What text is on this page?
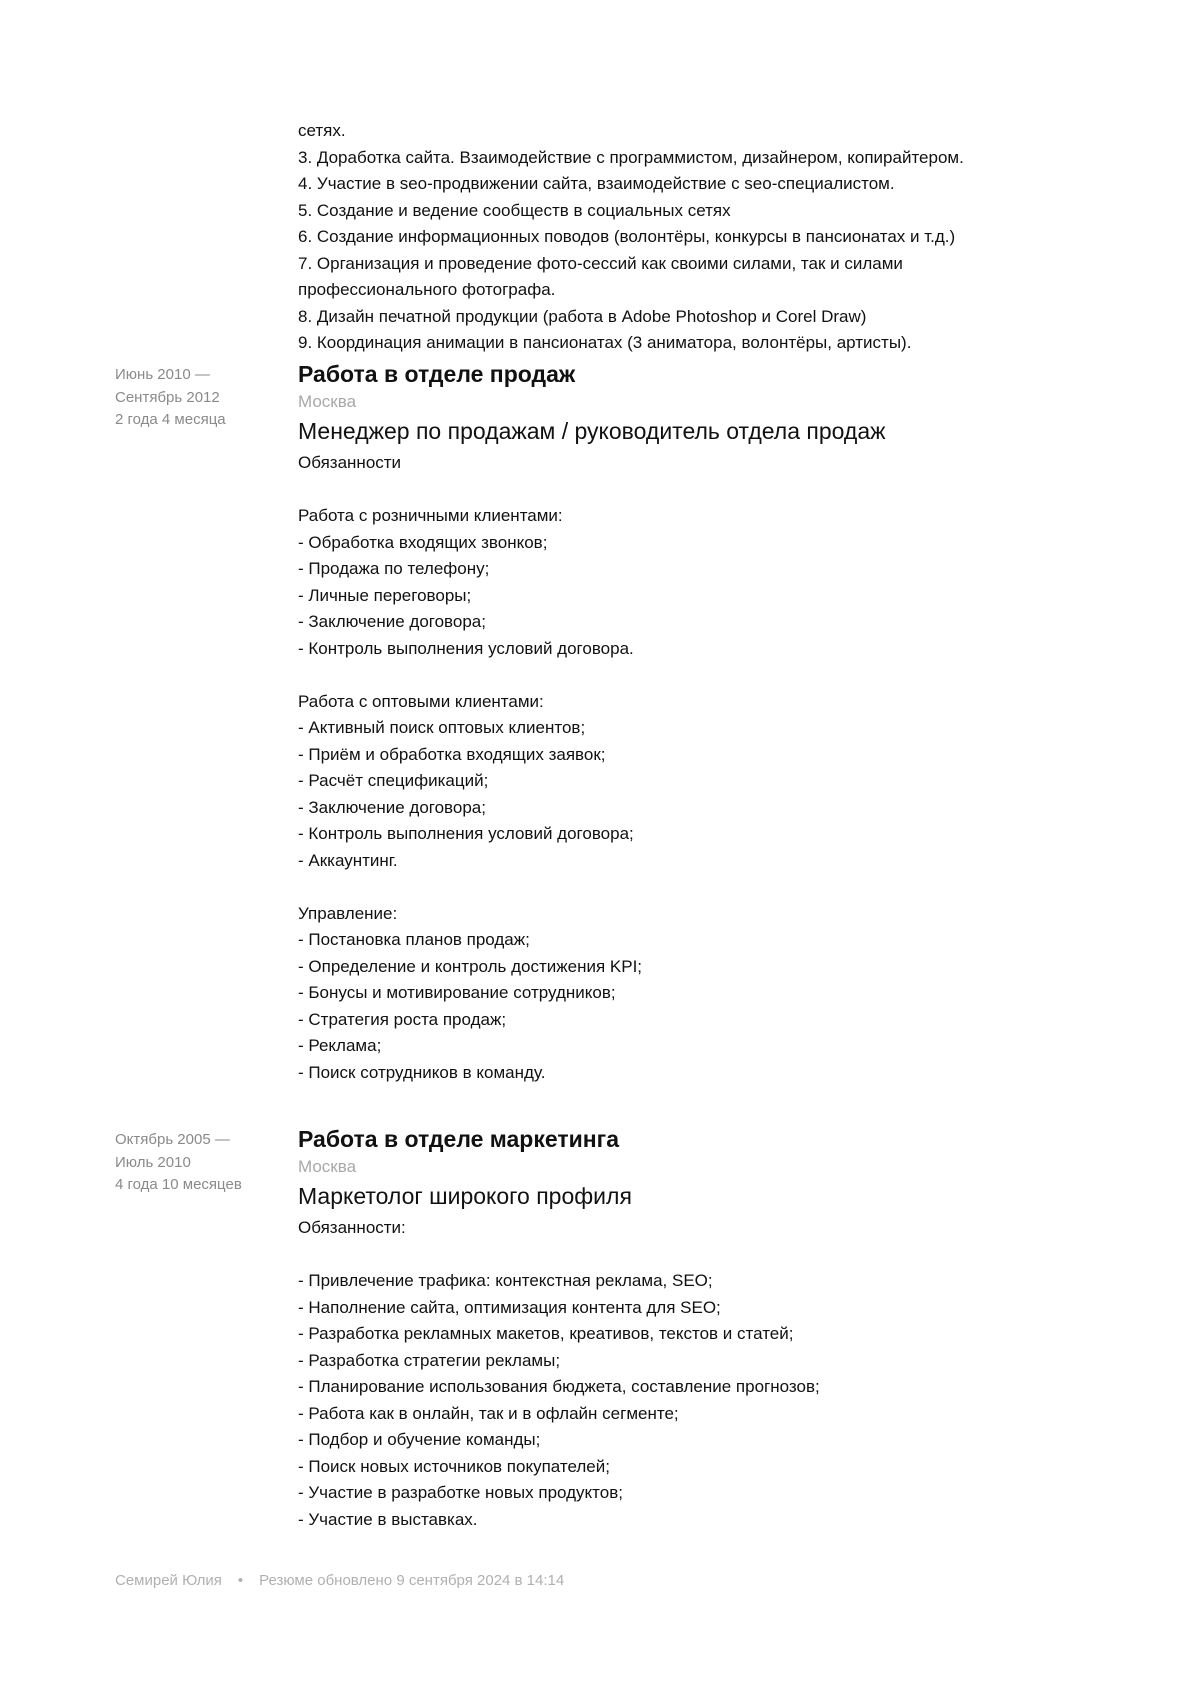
сетях.
3. Доработка сайта. Взаимодействие с программистом, дизайнером, копирайтером.
4. Участие в seo-продвижении сайта, взаимодействие с seo-специалистом.
5. Создание и ведение сообществ в социальных сетях
6. Создание информационных поводов (волонтёры, конкурсы в пансионатах и т.д.)
7. Организация и проведение фото-сессий как своими силами, так и силами
профессионального фотографа.
8. Дизайн печатной продукции (работа в Adobe Photoshop и Corel Draw)
9. Координация анимации в пансионатах (3 аниматора, волонтёры, артисты).
Июнь 2010 —
Сентябрь 2012
2 года 4 месяца
Работа в отделе продаж
Москва
Менеджер по продажам / руководитель отдела продаж
Обязанности
Работа с розничными клиентами:
- Обработка входящих звонков;
- Продажа по телефону;
- Личные переговоры;
- Заключение договора;
- Контроль выполнения условий договора.
Работа с оптовыми клиентами:
- Активный поиск оптовых клиентов;
- Приём и обработка входящих заявок;
- Расчёт спецификаций;
- Заключение договора;
- Контроль выполнения условий договора;
- Аккаунтинг.
Управление:
- Постановка планов продаж;
- Определение и контроль достижения KPI;
- Бонусы и мотивирование сотрудников;
- Стратегия роста продаж;
- Реклама;
- Поиск сотрудников в команду.
Октябрь 2005 —
Июль 2010
4 года 10 месяцев
Работа в отделе маркетинга
Москва
Маркетолог широкого профиля
Обязанности:
- Привлечение трафика: контекстная реклама, SEO;
- Наполнение сайта, оптимизация контента для SEO;
- Разработка рекламных макетов, креативов, текстов и статей;
- Разработка стратегии рекламы;
- Планирование использования бюджета, составление прогнозов;
- Работа как в онлайн, так и в офлайн сегменте;
- Подбор и обучение команды;
- Поиск новых источников покупателей;
- Участие в разработке новых продуктов;
- Участие в выставках.
Семирей Юлия • Резюме обновлено 9 сентября 2024 в 14:14
